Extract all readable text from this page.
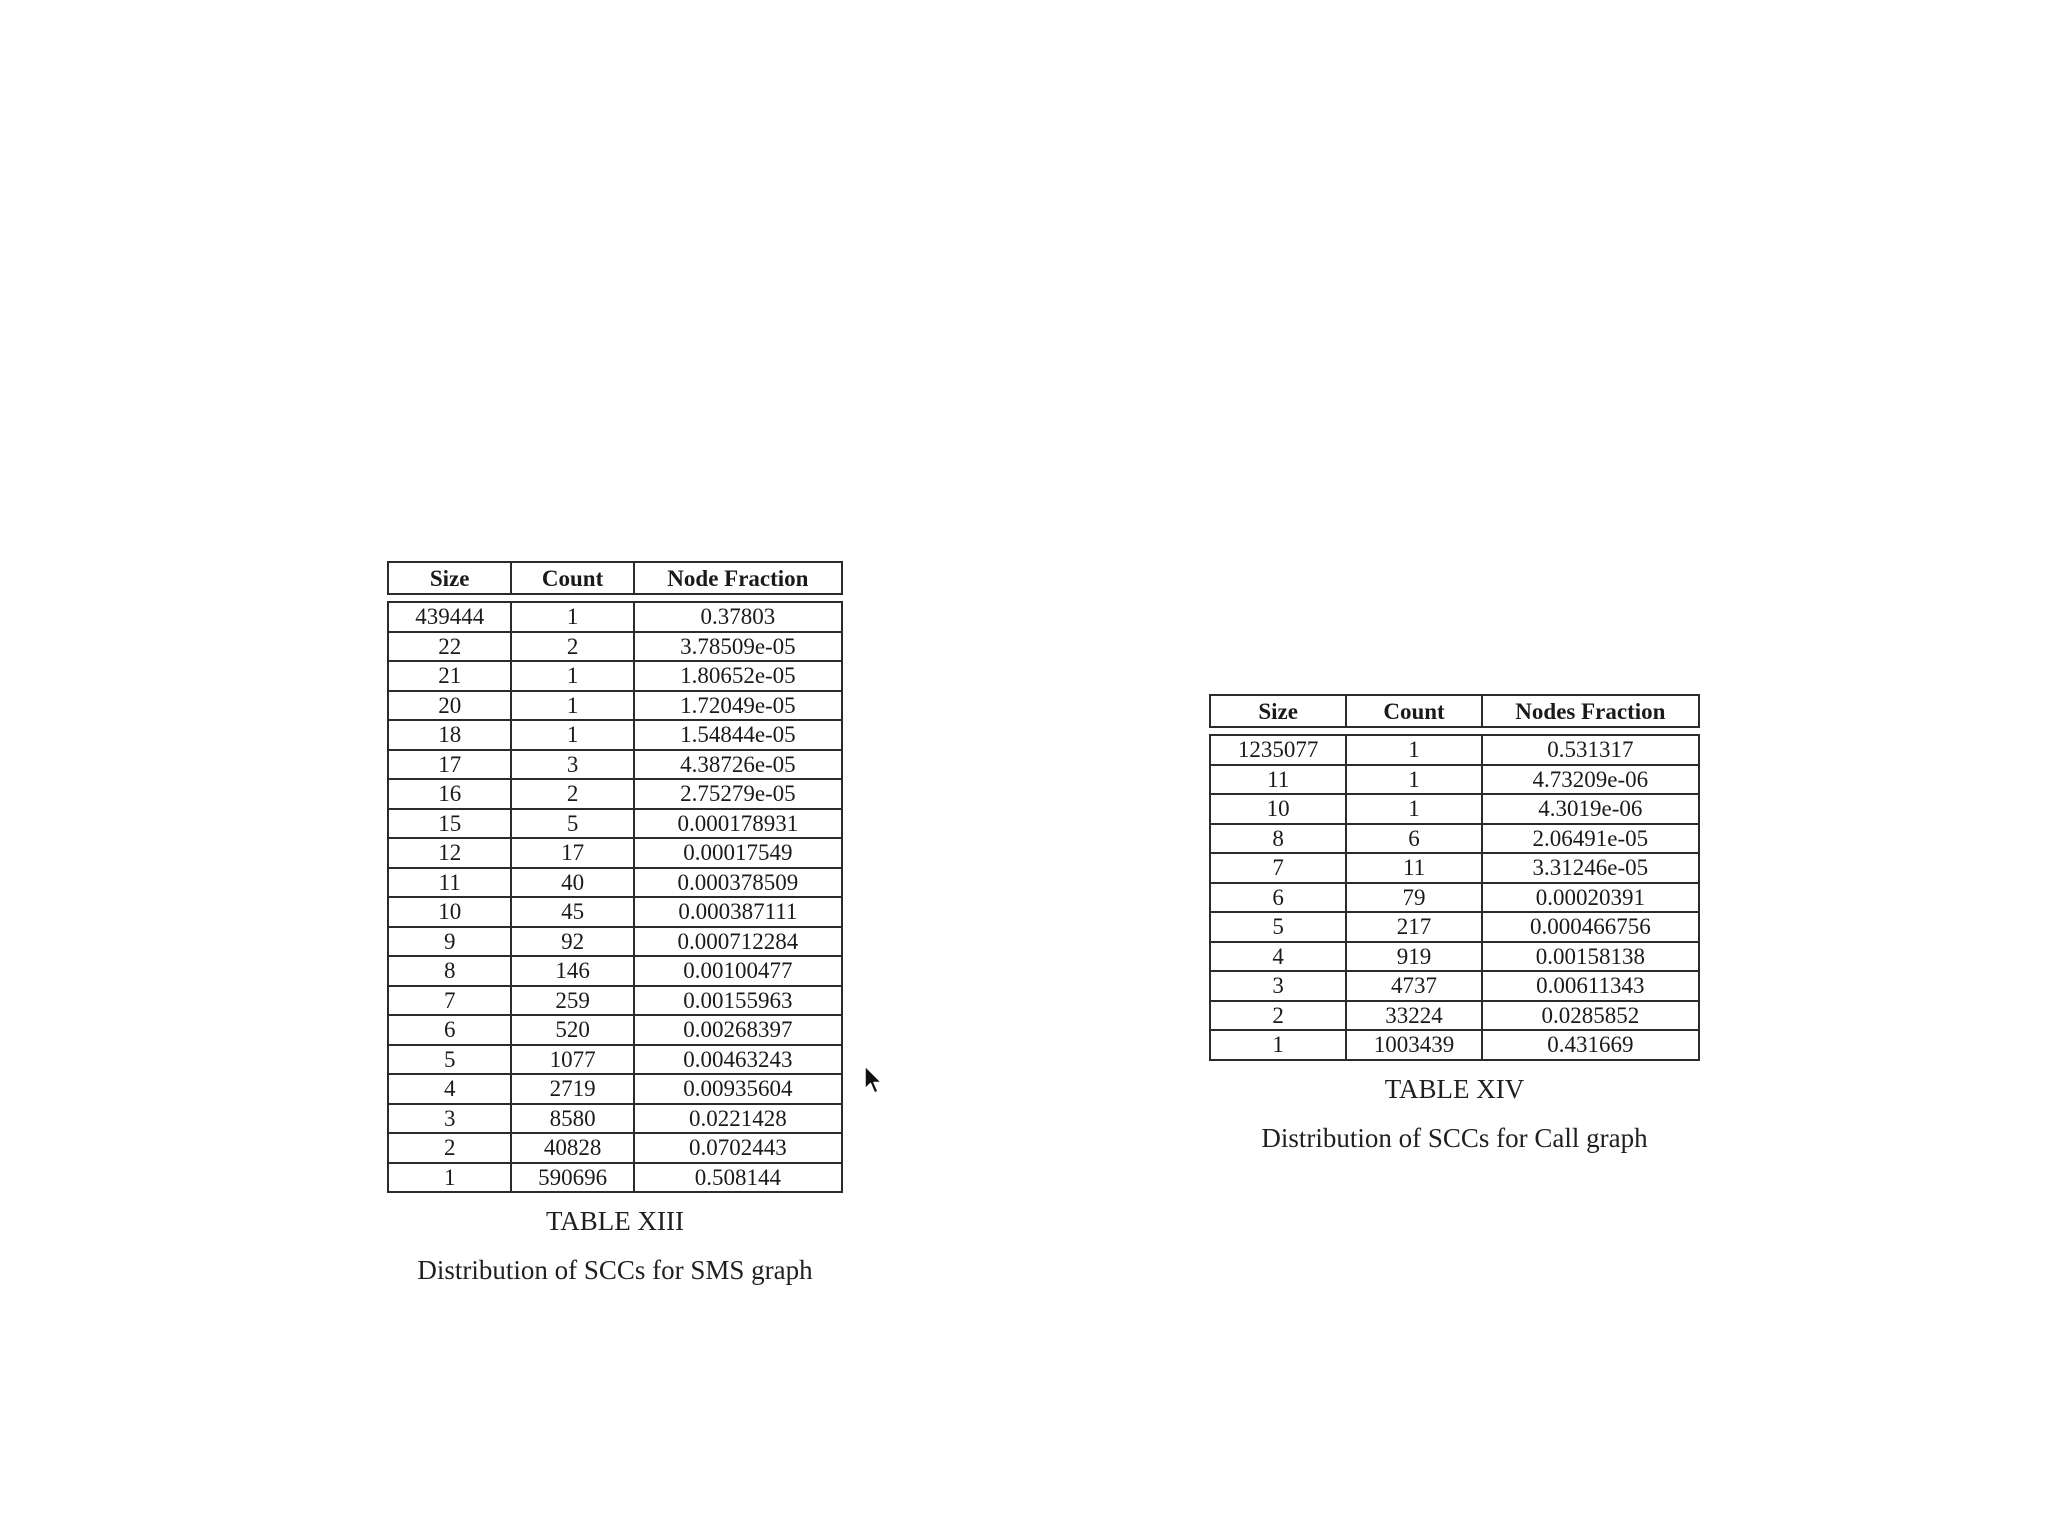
Size	Count	Node Fraction

439444	1	0.37803
22	2	3.78509e-05
21	1	1.80652e-05
20	1	1.72049e-05
18	1	1.54844e-05
17	3	4.38726e-05
16	2	2.75279e-05
15	5	0.000178931
12	17	0.00017549
11	40	0.000378509
10	45	0.000387111
9	92	0.000712284
8	146	0.00100477
7	259	0.00155963
6	520	0.00268397
5	1077	0.00463243
4	2719	0.00935604
3	8580	0.0221428
2	40828	0.0702443
1	590696	0.508144
TABLE XIII
Distribution of SCCs for SMS graph
Size	Count	Nodes Fraction

1235077	1	0.531317
11	1	4.73209e-06
10	1	4.3019e-06
8	6	2.06491e-05
7	11	3.31246e-05
6	79	0.00020391
5	217	0.000466756
4	919	0.00158138
3	4737	0.00611343
2	33224	0.0285852
1	1003439	0.431669
TABLE XIV
Distribution of SCCs for Call graph
